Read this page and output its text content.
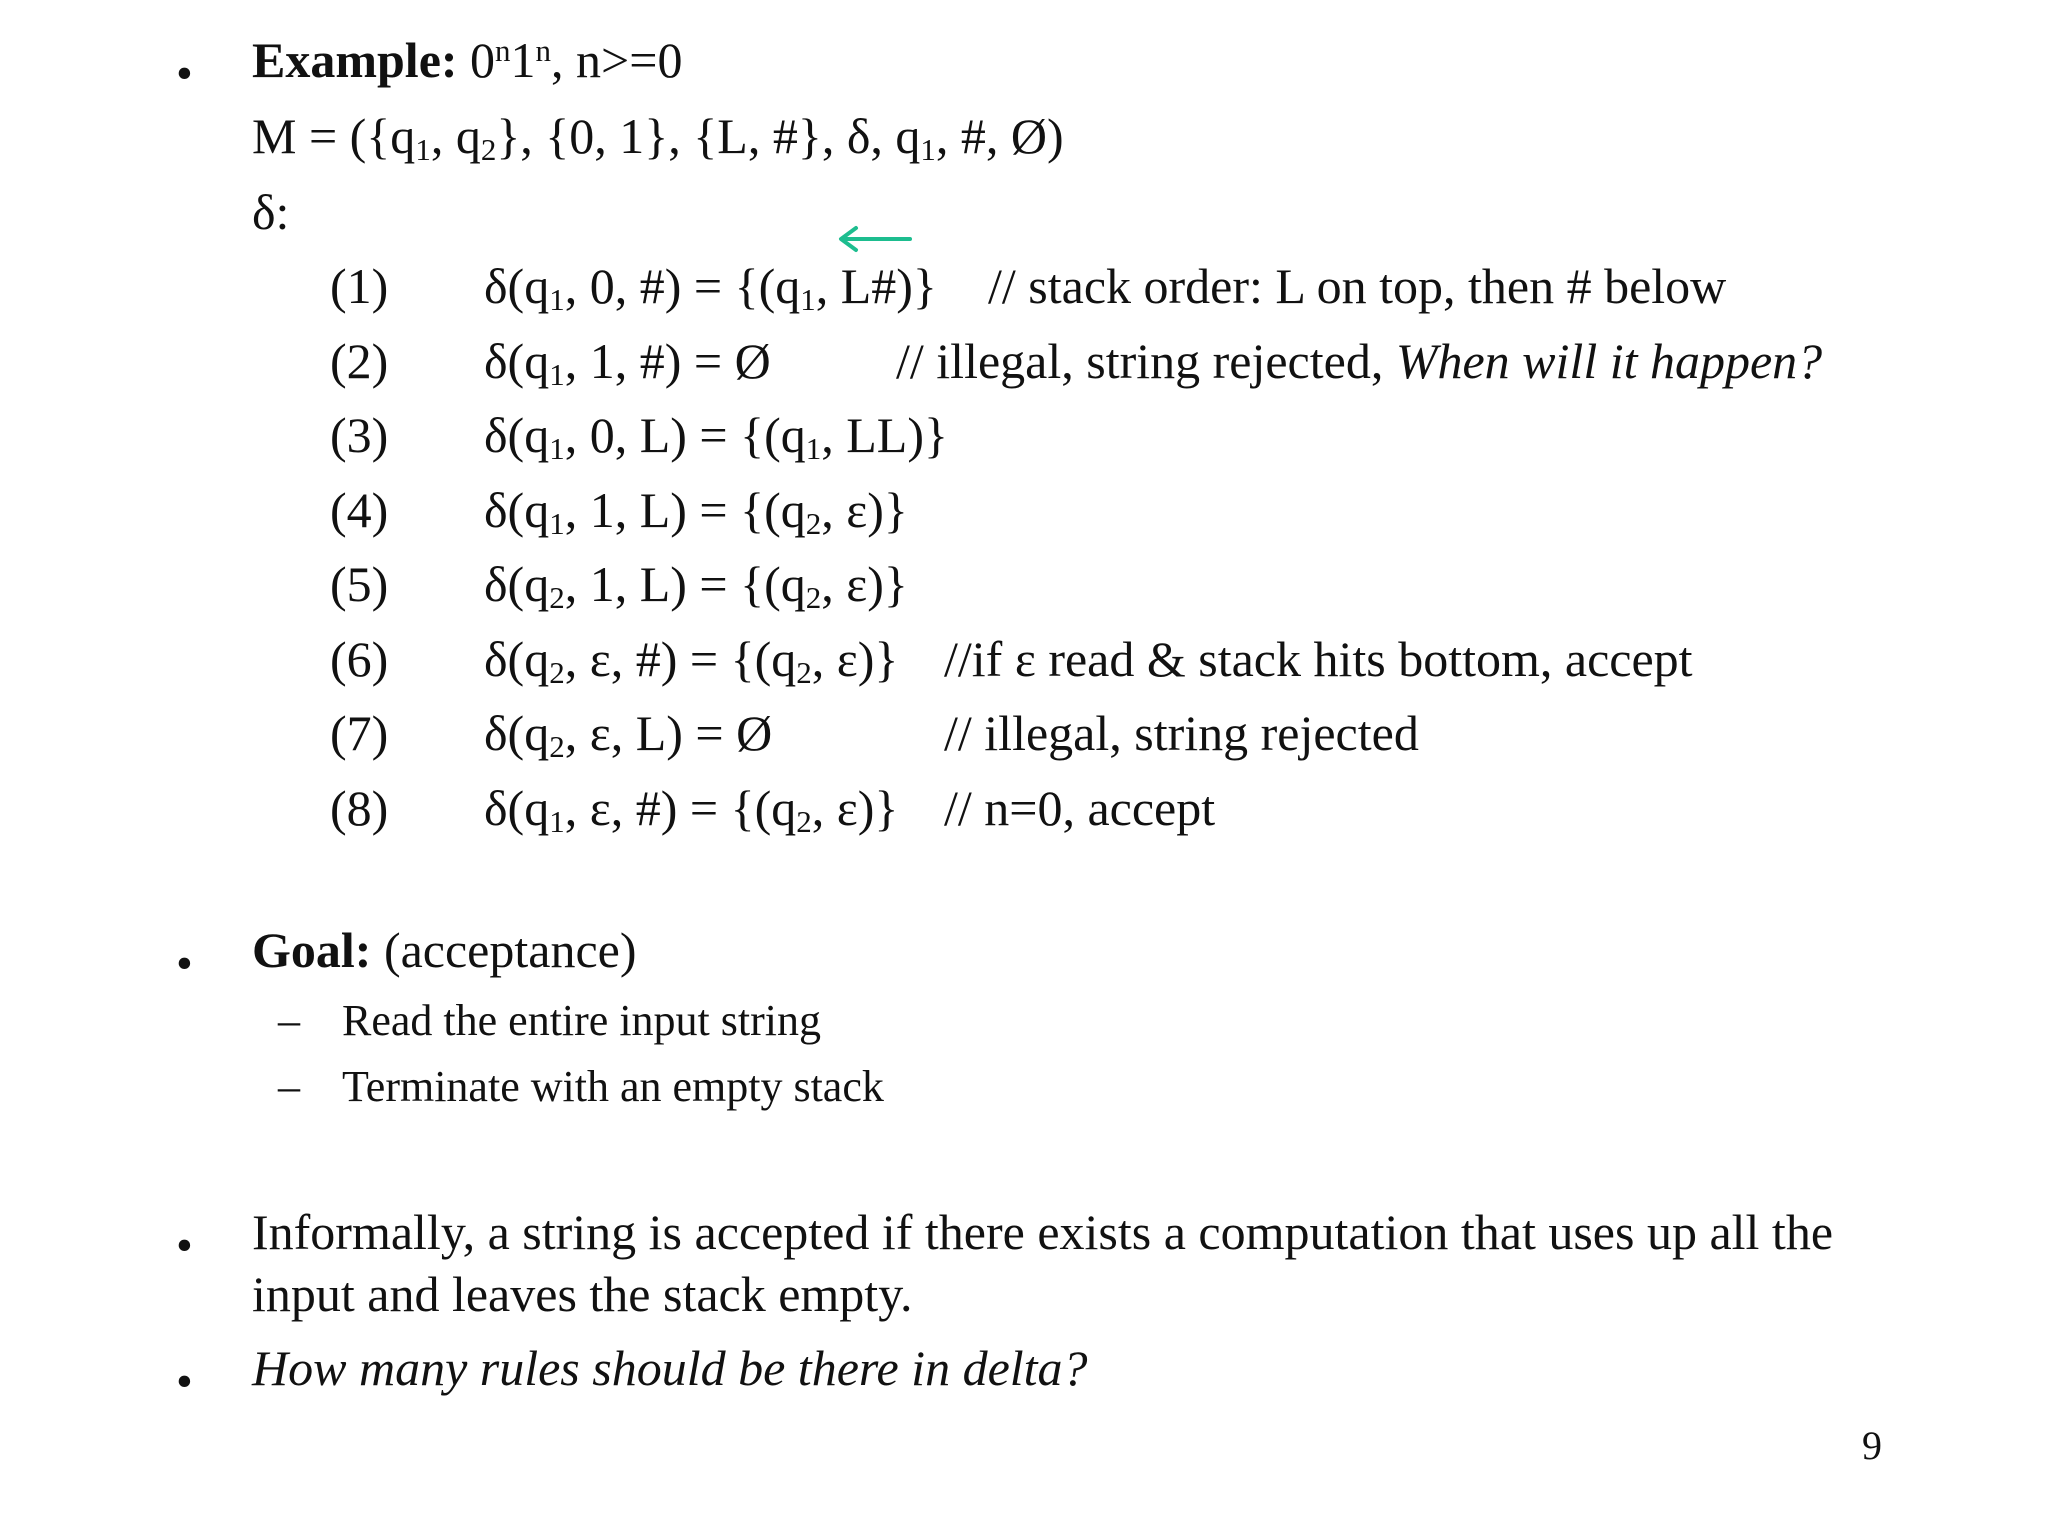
• Example: 0$^n$1$^n$, n>=0
$M = (\{q_1$, $q_2$}, {0, 1}, {L, #}, δ, $q_1$, #, Ø)
δ:
(1) $\delta(q_1$, 0, #) = {($q_1$, L#)} // stack order: L on top, then # below
(2) $\delta(q_1$, 1, #) = Ø	// illegal, string rejected, When will it happen?
(3) $\delta(q_1$, 0, $L) = \{(q_1$, LL)}
(4) $\delta(q_1$, 1, $L) = \{(q_2$, ε)}
(5) $\delta(q_2$, 1, $L) = \{(q_2$, ε)}
(6) $\delta(q_2$, ε, #) = {($q_2$, ε)} //if ε read & stack hits bottom, accept
(7) $\delta(q_2$, ε, L) = Ø	// illegal, string rejected
(8) $\delta(q_1$, ε, #) = {($q_2$, ε)} // n=0, accept
• Goal: (acceptance)
– Read the entire input string
– Terminate with an empty stack
• Informally, a string is accepted if there exists a computation that uses up all the
input and leaves the stack empty.
• How many rules should be there in delta?
9
